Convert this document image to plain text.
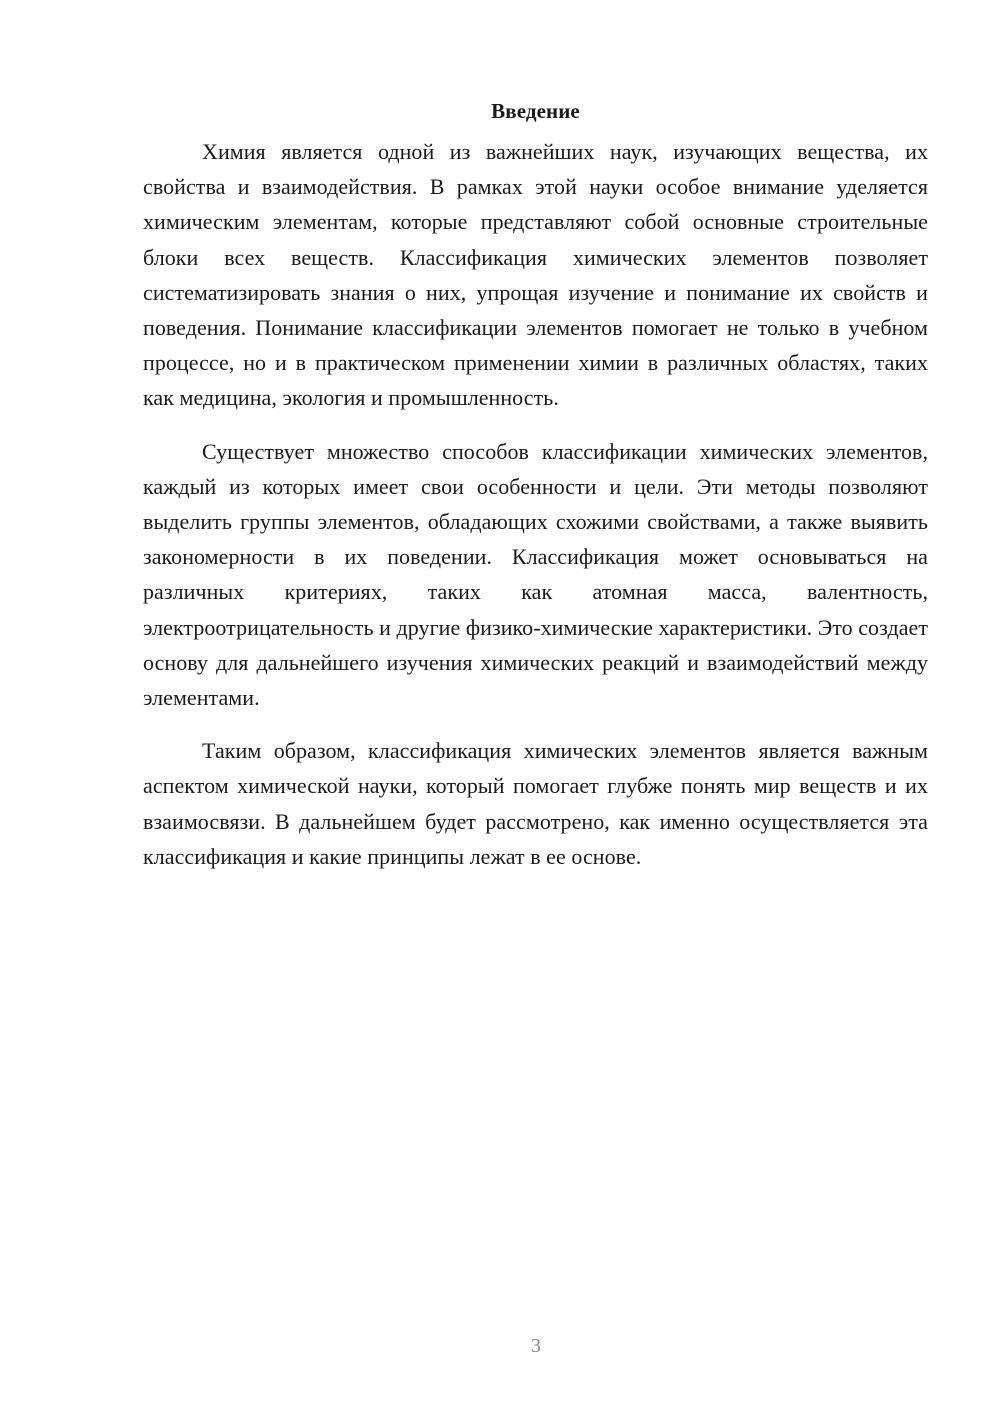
Введение

Химия является одной из важнейших наук, изучающих вещества, их свойства и взаимодействия. В рамках этой науки особое внимание уделяется химическим элементам, которые представляют собой основные строительные блоки всех веществ. Классификация химических элементов позволяет систематизировать знания о них, упрощая изучение и понимание их свойств и поведения. Понимание классификации элементов помогает не только в учебном процессе, но и в практическом применении химии в различных областях, таких как медицина, экология и промышленность.

Существует множество способов классификации химических элементов, каждый из которых имеет свои особенности и цели. Эти методы позволяют выделить группы элементов, обладающих схожими свойствами, а также выявить закономерности в их поведении. Классификация может основываться на различных критериях, таких как атомная масса, валентность, электроотрицательность и другие физико-химические характеристики. Это создает основу для дальнейшего изучения химических реакций и взаимодействий между элементами.

Таким образом, классификация химических элементов является важным аспектом химической науки, который помогает глубже понять мир веществ и их взаимосвязи. В дальнейшем будет рассмотрено, как именно осуществляется эта классификация и какие принципы лежат в ее основе.

3
